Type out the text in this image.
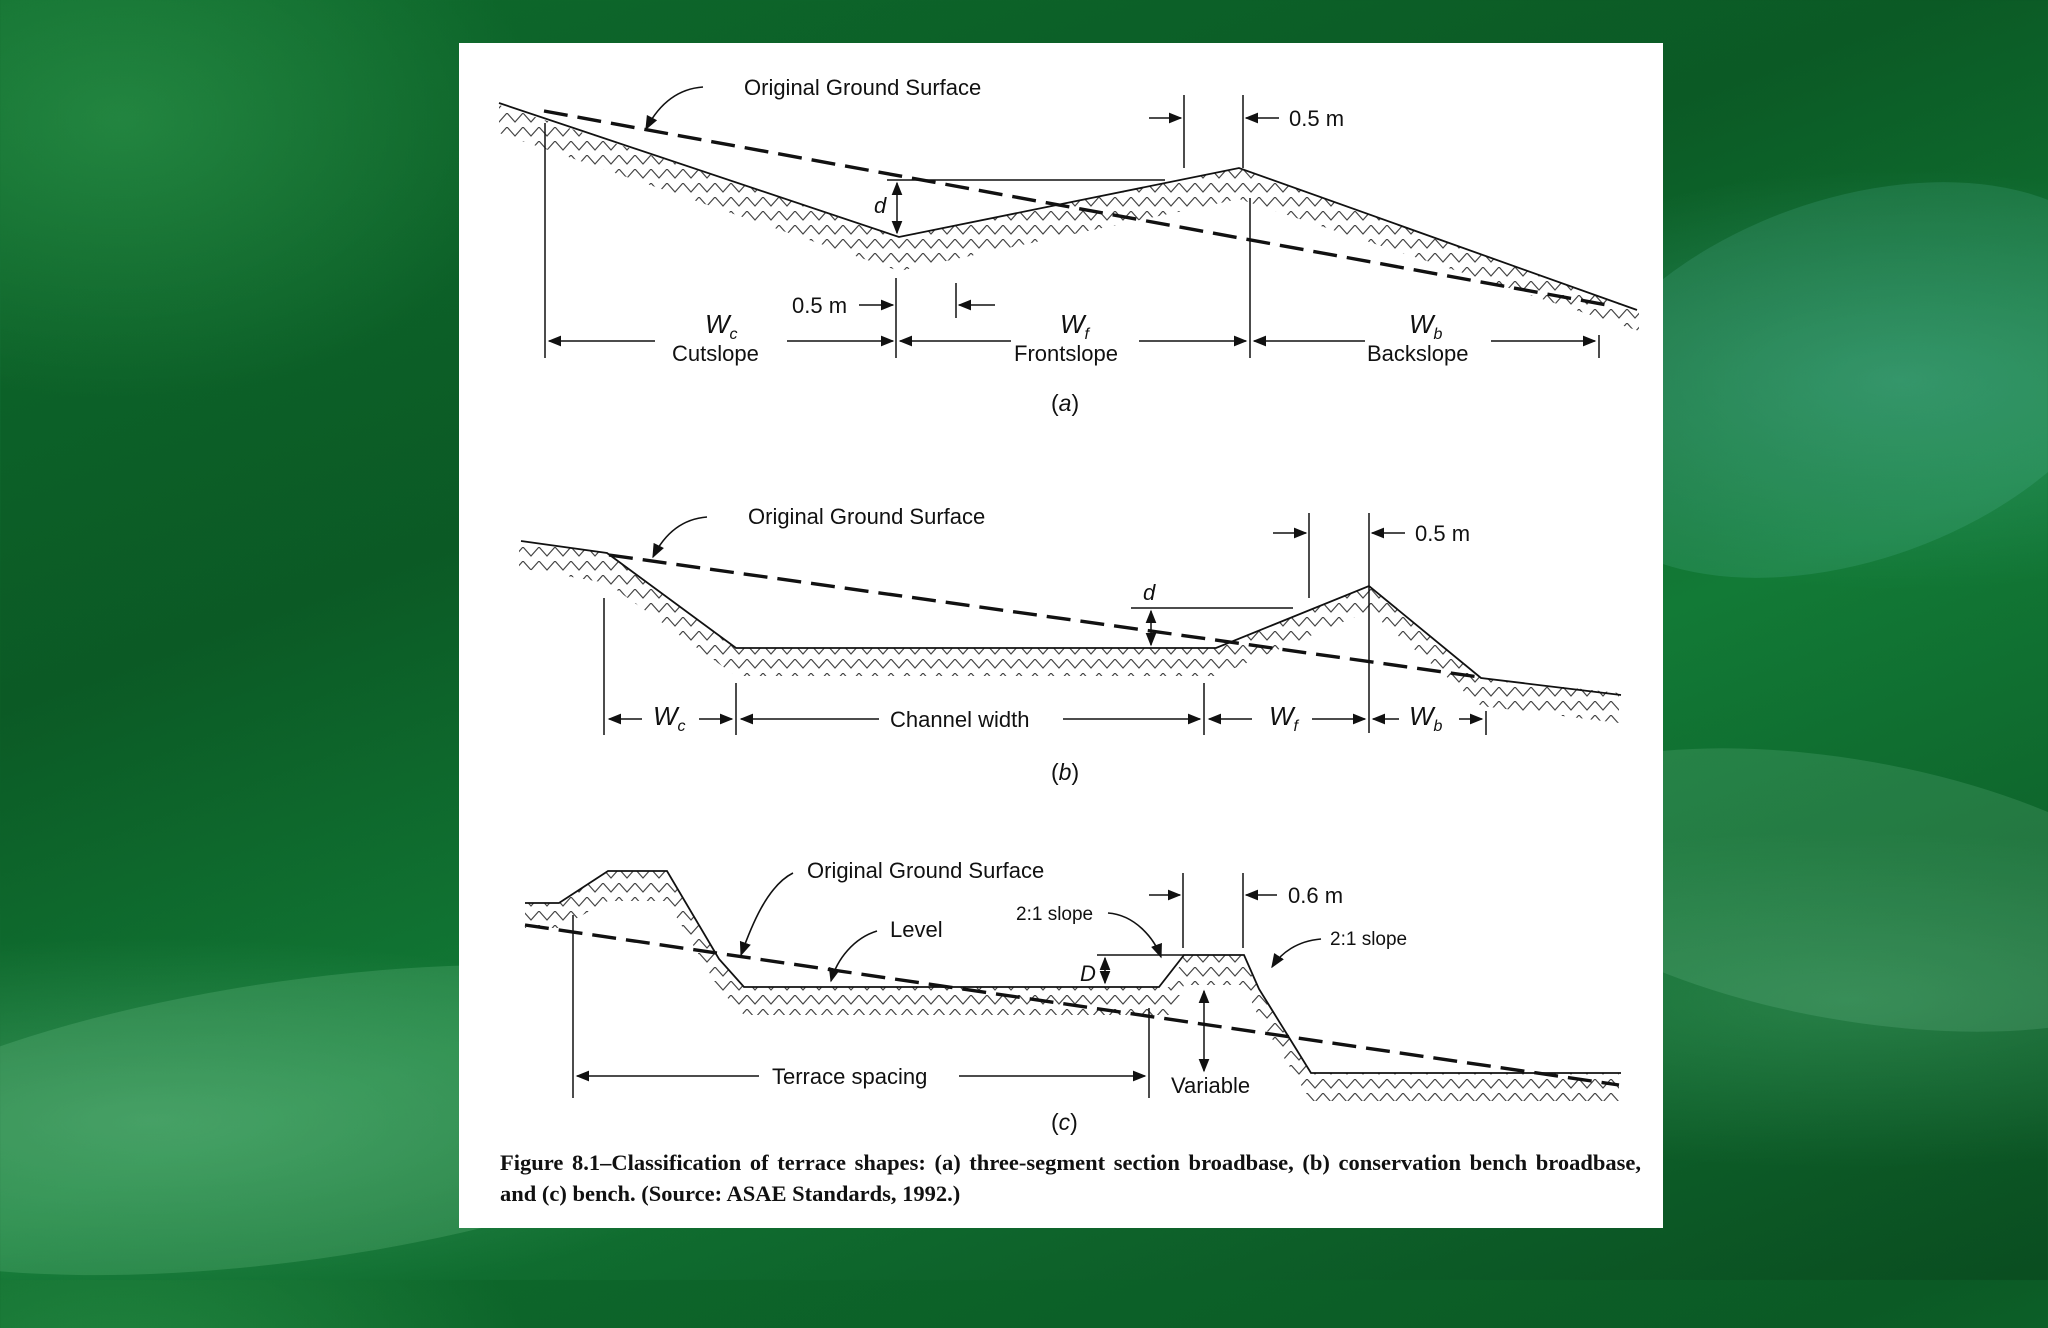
Original Ground Surface
0.5 m
d
0.5 m
$W_c$
Cutslope
$W_f$
Frontslope
$W_b$
Backslope
(a)
Original Ground Surface
0.5 m
d
$W_c$	Channel width	$W_f$	$W_b$
(b)
Original Ground Surface
Level
0.6 m
2:1 slope
2:1 slope
D
Variable
Terrace spacing
(c)

Figure 8.1–Classification of terrace shapes: (a) three-segment section broadbase, (b) conservation bench broadbase, and (c) bench. (Source: ASAE Standards, 1992.)
